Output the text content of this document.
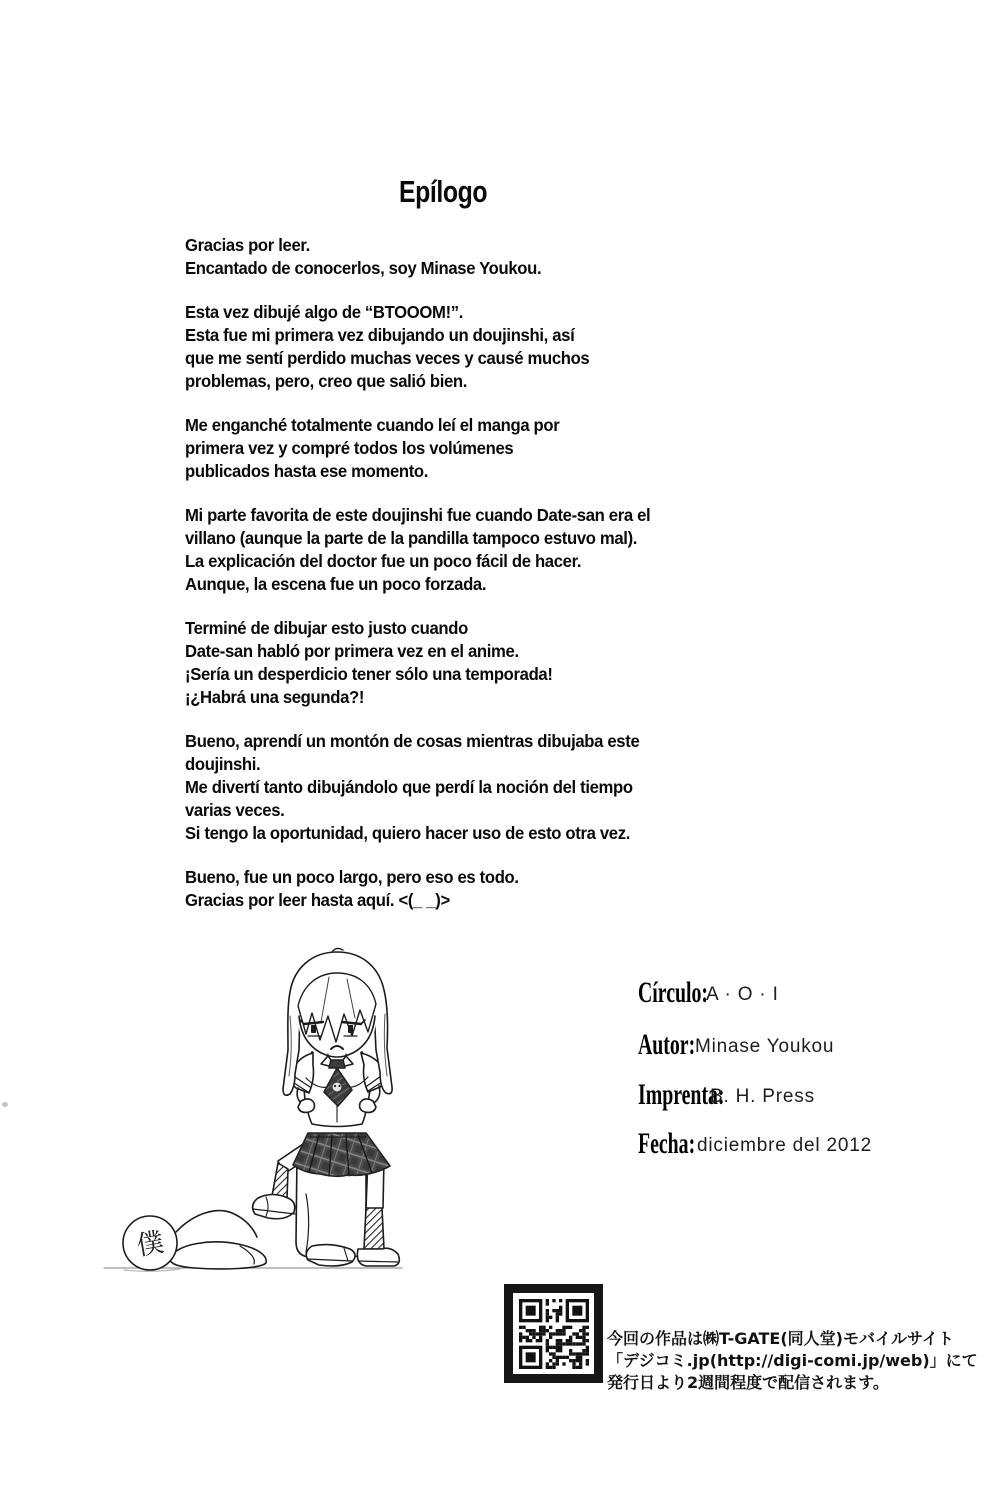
Epílogo

Gracias por leer.
Encantado de conocerlos, soy Minase Youkou.

Esta vez dibujé algo de “BTOOOM!”.
Esta fue mi primera vez dibujando un doujinshi, así
que me sentí perdido muchas veces y causé muchos
problemas, pero, creo que salió bien.

Me enganché totalmente cuando leí el manga por
primera vez y compré todos los volúmenes
publicados hasta ese momento.

Mi parte favorita de este doujinshi fue cuando Date-san era el
villano (aunque la parte de la pandilla tampoco estuvo mal).
La explicación del doctor fue un poco fácil de hacer.
Aunque, la escena fue un poco forzada.

Terminé de dibujar esto justo cuando
Date-san habló por primera vez en el anime.
¡Sería un desperdicio tener sólo una temporada!
¡¿Habrá una segunda?!

Bueno, aprendí un montón de cosas mientras dibujaba este
doujinshi.
Me divertí tanto dibujándolo que perdí la noción del tiempo
varias veces.
Si tengo la oportunidad, quiero hacer uso de esto otra vez.

Bueno, fue un poco largo, pero eso es todo.
Gracias por leer hasta aquí. <(_ _)>

僕
Círculo:
A · O · I
Autor: Minase Youkou
Imprenta:
B. H. Press
Fecha: diciembre del 2012
今回の作品は㈱T-GATE(同人堂)モバイルサイト
「デジコミ.jp(http://digi-comi.jp/web)」にて
発行日より2週間程度で配信されます。
